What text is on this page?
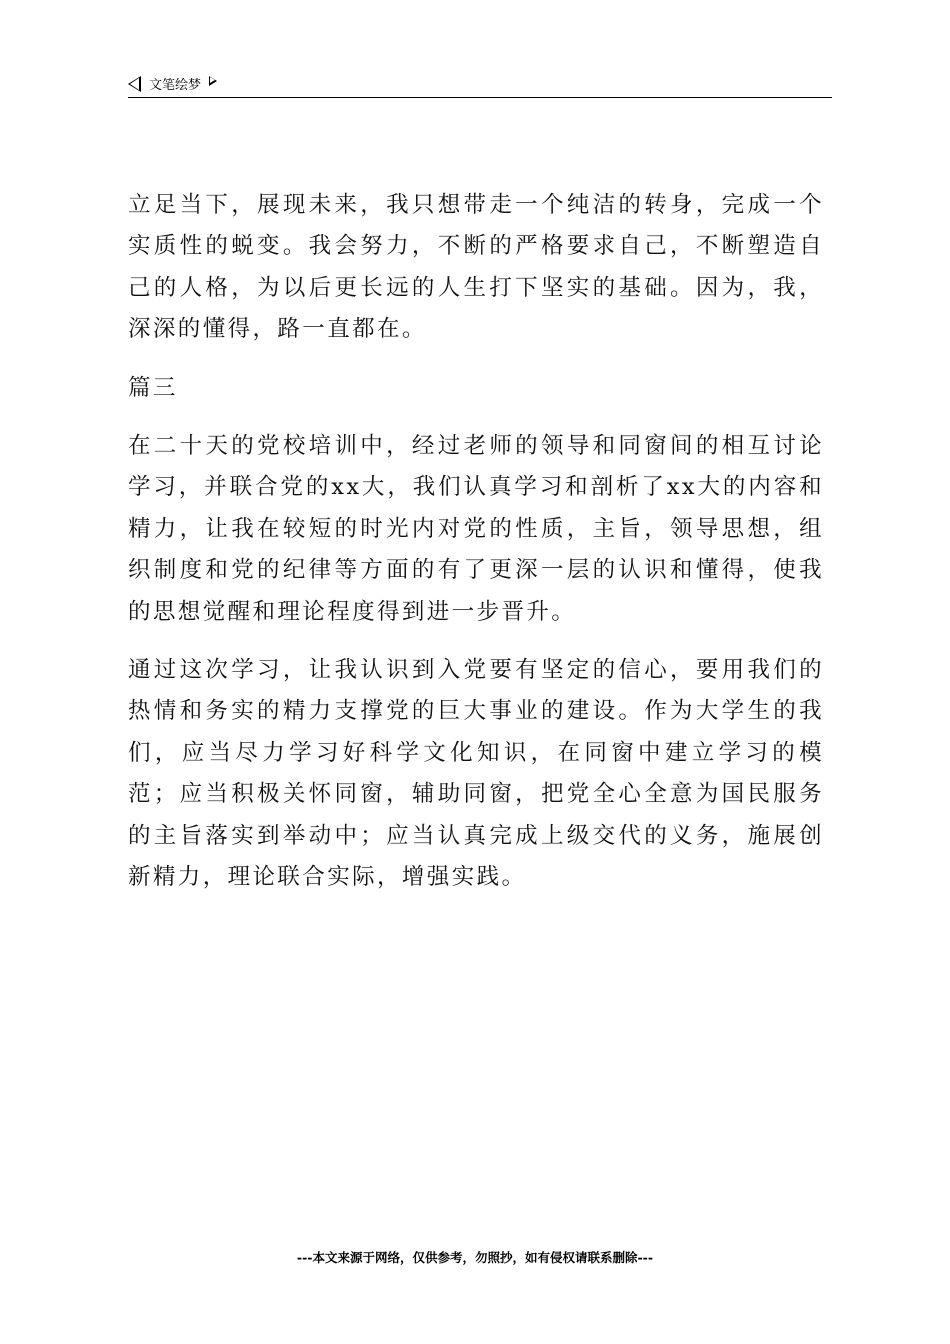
文笔绘梦

立足当下，展现未来，我只想带走一个纯洁的转身，完成一个实质性的蜕变。我会努力，不断的严格要求自己，不断塑造自己的人格，为以后更长远的人生打下坚实的基础。因为，我，深深的懂得，路一直都在。

篇三

在二十天的党校培训中，经过老师的领导和同窗间的相互讨论学习，并联合党的xx大，我们认真学习和剖析了xx大的内容和精力，让我在较短的时光内对党的性质，主旨，领导思想，组织制度和党的纪律等方面的有了更深一层的认识和懂得，使我的思想觉醒和理论程度得到进一步晋升。

通过这次学习，让我认识到入党要有坚定的信心，要用我们的热情和务实的精力支撑党的巨大事业的建设。作为大学生的我们，应当尽力学习好科学文化知识，在同窗中建立学习的模范；应当积极关怀同窗，辅助同窗，把党全心全意为国民服务的主旨落实到举动中；应当认真完成上级交代的义务，施展创新精力，理论联合实际，增强实践。

---本文来源于网络，仅供参考，勿照抄，如有侵权请联系删除---
